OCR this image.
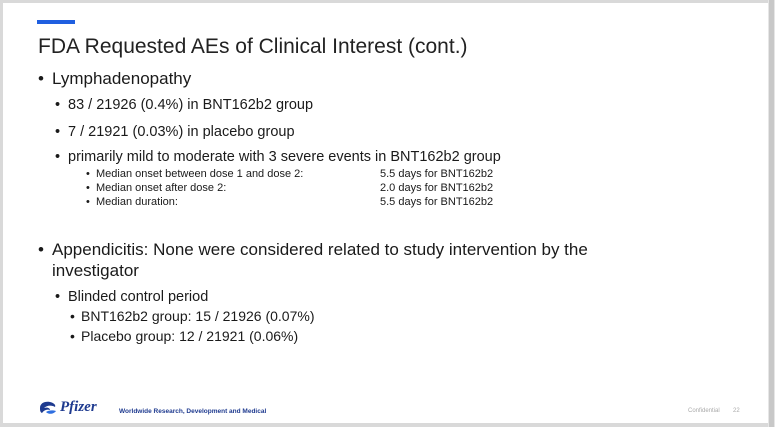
FDA Requested AEs of Clinical Interest (cont.)
• Lymphadenopathy
• 83 / 21926 (0.4%) in BNT162b2 group
• 7 / 21921 (0.03%) in placebo group
• primarily mild to moderate with 3 severe events in BNT162b2 group
• Median onset between dose 1 and dose 2:	5.5 days for BNT162b2
• Median onset after dose 2:	2.0 days for BNT162b2
• Median duration:	5.5 days for BNT162b2
• Appendicitis: None were considered related to study intervention by the
investigator
• Blinded control period
• BNT162b2 group: 15 / 21926 (0.07%)
• Placebo group: 12 / 21921 (0.06%)
Pfizer	Worldwide Research, Development and Medical	Confidential 22
